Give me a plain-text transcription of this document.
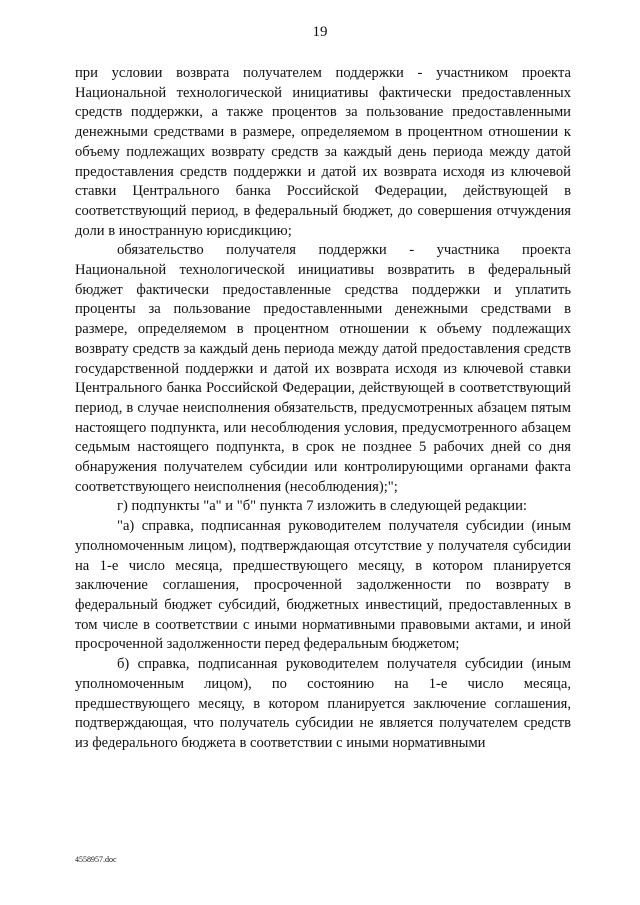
19

при условии возврата получателем поддержки - участником проекта Национальной технологической инициативы фактически предоставленных средств поддержки, а также процентов за пользование предоставленными денежными средствами в размере, определяемом в процентном отношении к объему подлежащих возврату средств за каждый день периода между датой предоставления средств поддержки и датой их возврата исходя из ключевой ставки Центрального банка Российской Федерации, действующей в соответствующий период, в федеральный бюджет, до совершения отчуждения доли в иностранную юрисдикцию;

обязательство получателя поддержки - участника проекта Национальной технологической инициативы возвратить в федеральный бюджет фактически предоставленные средства поддержки и уплатить проценты за пользование предоставленными денежными средствами в размере, определяемом в процентном отношении к объему подлежащих возврату средств за каждый день периода между датой предоставления средств государственной поддержки и датой их возврата исходя из ключевой ставки Центрального банка Российской Федерации, действующей в соответствующий период, в случае неисполнения обязательств, предусмотренных абзацем пятым настоящего подпункта, или несоблюдения условия, предусмотренного абзацем седьмым настоящего подпункта, в срок не позднее 5 рабочих дней со дня обнаружения получателем субсидии или контролирующими органами факта соответствующего неисполнения (несоблюдения);";

г) подпункты "а" и "б" пункта 7 изложить в следующей редакции:

"а) справка, подписанная руководителем получателя субсидии (иным уполномоченным лицом), подтверждающая отсутствие у получателя субсидии на 1-е число месяца, предшествующего месяцу, в котором планируется заключение соглашения, просроченной задолженности по возврату в федеральный бюджет субсидий, бюджетных инвестиций, предоставленных в том числе в соответствии с иными нормативными правовыми актами, и иной просроченной задолженности перед федеральным бюджетом;

б) справка, подписанная руководителем получателя субсидии (иным уполномоченным лицом), по состоянию на 1-е число месяца, предшествующего месяцу, в котором планируется заключение соглашения, подтверждающая, что получатель субсидии не является получателем средств из федерального бюджета в соответствии с иными нормативными

4558957.doc
